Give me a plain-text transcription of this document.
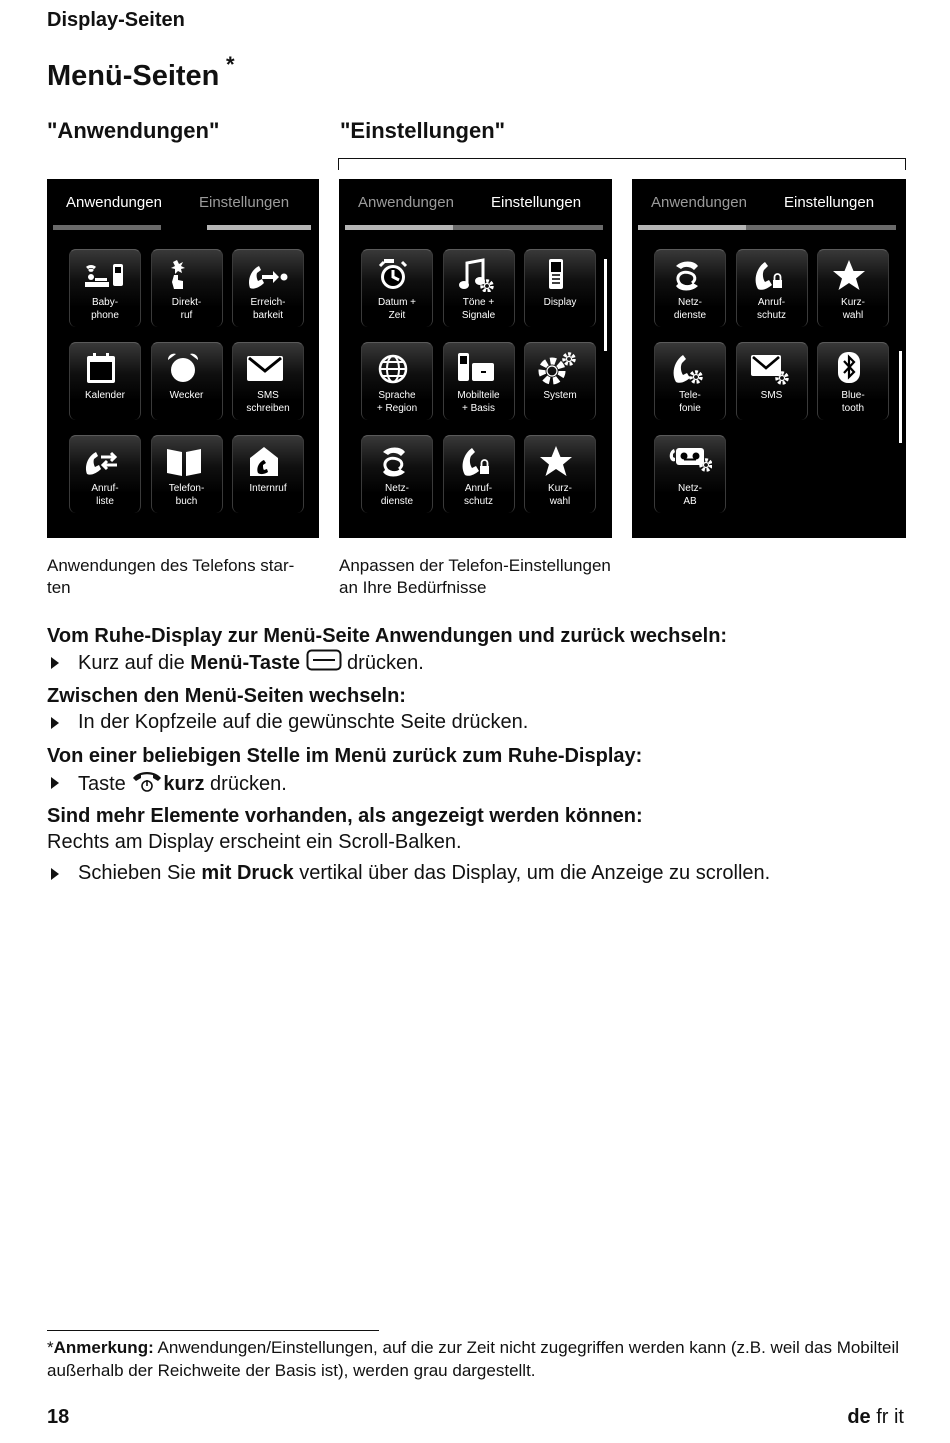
Display-Seiten
Menü-Seiten *
"Anwendungen"	"Einstellungen"
Anwendungen Einstellungen
Baby-
phone
Direkt-
ruf
Erreich-
barkeit
22
Kalender	Wecker	SMS
schreiben
Anruf-
liste
Telefon-
buch
Internruf
Anwendungen Einstellungen
Datum +
Zeit
Töne +
Signale
Display
Sprache
+ Region
Mobilteile
+ Basis
System
Netz-
dienste
Anruf-
schutz
Kurz-
wahl
Anwendungen Einstellungen
Netz-
dienste
Anruf-
schutz
Kurz-
wahl
Tele-
fonie
SMS	Blue-
tooth
Netz-
AB
Anwendungen des Telefons star-
ten
Anpassen der Telefon-Einstellungen
an Ihre Bedürfnisse
Vom Ruhe-Display zur Menü-Seite Anwendungen und zurück wechseln:
Kurz auf die Menü-Taste  drücken.
Zwischen den Menü-Seiten wechseln:
In der Kopfzeile auf die gewünschte Seite drücken.
Von einer beliebigen Stelle im Menü zurück zum Ruhe-Display:
Taste kurz drücken.
Sind mehr Elemente vorhanden, als angezeigt werden können:
Rechts am Display erscheint ein Scroll-Balken.
Schieben Sie mit Druck vertikal über das Display, um die Anzeige zu scrollen.
*Anmerkung: Anwendungen/Einstellungen, auf die zur Zeit nicht zugegriffen werden kann (z.B. weil das Mobilteil außerhalb der Reichweite der Basis ist), werden grau dargestellt.
18	de fr it
